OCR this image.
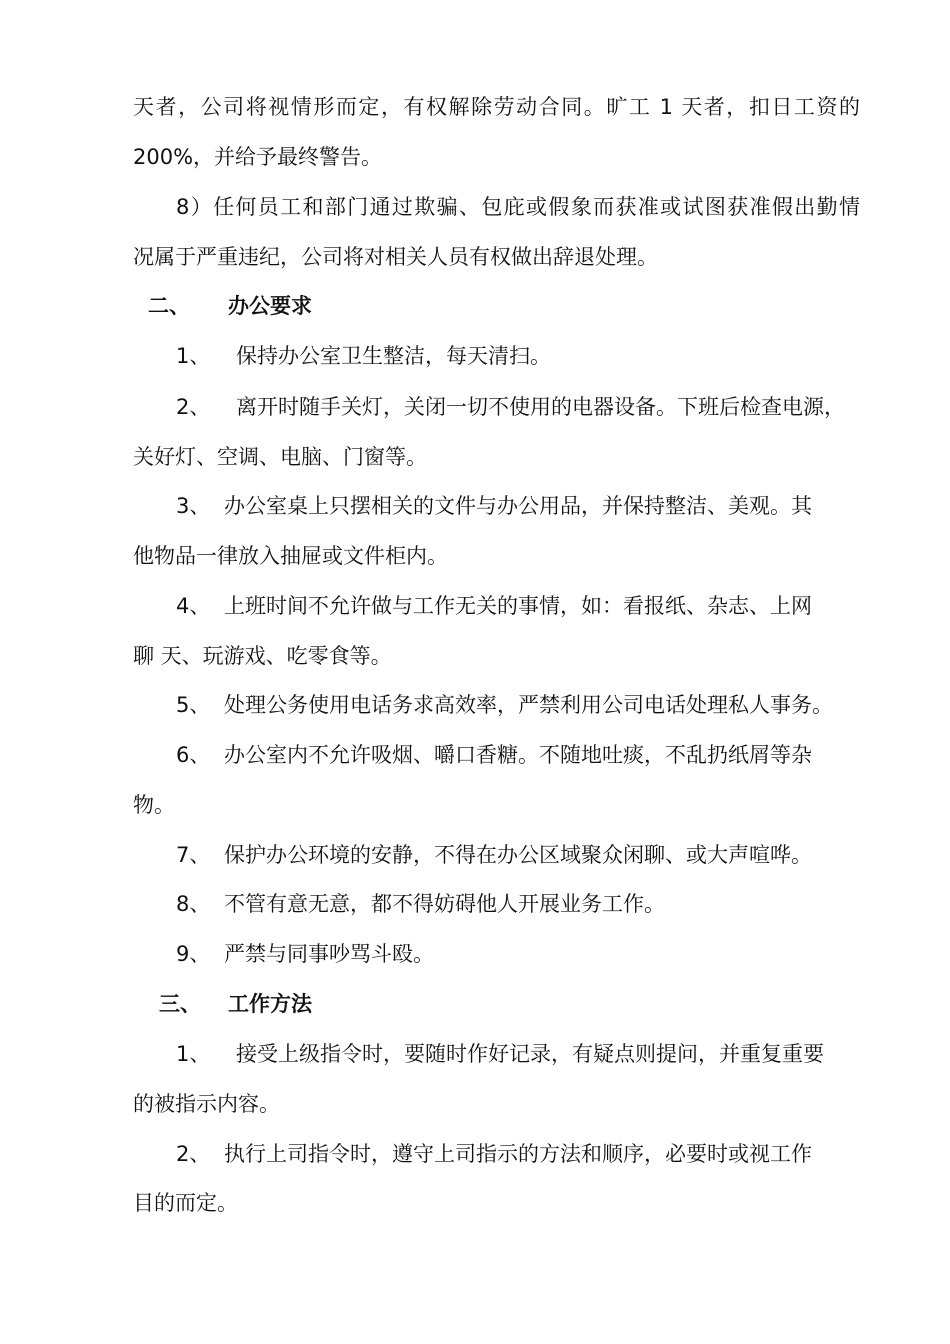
天者，公司将视情形而定，有权解除劳动合同。旷工 1 天者，扣日工资的
200%，并给予最终警告。
8）任何员工和部门通过欺骗、包庇或假象而获准或试图获准假出勤情
况属于严重违纪，公司将对相关人员有权做出辞退处理。
二、 办公要求
1、 保持办公室卫生整洁，每天清扫。
2、 离开时随手关灯，关闭一切不使用的电器设备。下班后检查电源，
关好灯、空调、电脑、门窗等。
3、 办公室桌上只摆相关的文件与办公用品，并保持整洁、美观。其
他物品一律放入抽屉或文件柜内。
4、 上班时间不允许做与工作无关的事情，如：看报纸、杂志、上网
聊 天、玩游戏、吃零食等。
5、 处理公务使用电话务求高效率，严禁利用公司电话处理私人事务。
6、 办公室内不允许吸烟、嚼口香糖。不随地吐痰，不乱扔纸屑等杂
物。
7、 保护办公环境的安静，不得在办公区域聚众闲聊、或大声喧哗。
8、 不管有意无意，都不得妨碍他人开展业务工作。
9、 严禁与同事吵骂斗殴。
三、 工作方法
1、 接受上级指令时，要随时作好记录，有疑点则提问，并重复重要
的被指示内容。
2、 执行上司指令时，遵守上司指示的方法和顺序，必要时或视工作
目的而定。
